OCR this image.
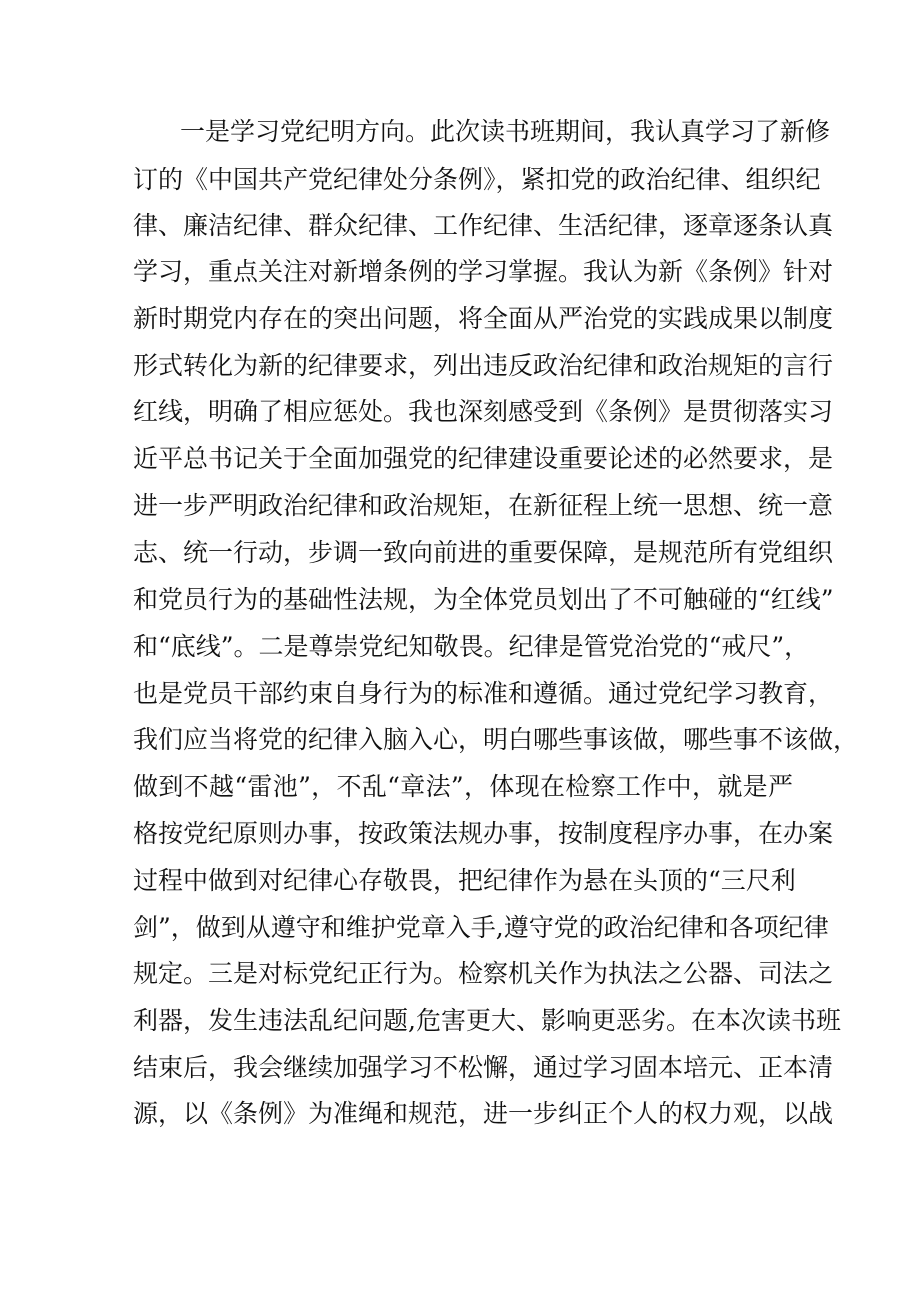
一是学习党纪明方向。此次读书班期间，我认真学习了新修
订的《中国共产党纪律处分条例》，紧扣党的政治纪律、组织纪
律、廉洁纪律、群众纪律、工作纪律、生活纪律，逐章逐条认真
学习，重点关注对新增条例的学习掌握。我认为新《条例》针对
新时期党内存在的突出问题，将全面从严治党的实践成果以制度
形式转化为新的纪律要求，列出违反政治纪律和政治规矩的言行
红线，明确了相应惩处。我也深刻感受到《条例》是贯彻落实习
近平总书记关于全面加强党的纪律建设重要论述的必然要求，是
进一步严明政治纪律和政治规矩，在新征程上统一思想、统一意
志、统一行动，步调一致向前进的重要保障，是规范所有党组织
和党员行为的基础性法规，为全体党员划出了不可触碰的“红线”
和“底线”。二是尊崇党纪知敬畏。纪律是管党治党的“戒尺”，
也是党员干部约束自身行为的标准和遵循。通过党纪学习教育，
我们应当将党的纪律入脑入心，明白哪些事该做，哪些事不该做，
做到不越“雷池”，不乱“章法”，体现在检察工作中，就是严
格按党纪原则办事，按政策法规办事，按制度程序办事，在办案
过程中做到对纪律心存敬畏，把纪律作为悬在头顶的“三尺利
剑”，做到从遵守和维护党章入手,遵守党的政治纪律和各项纪律
规定。三是对标党纪正行为。检察机关作为执法之公器、司法之
利器，发生违法乱纪问题,危害更大、影响更恶劣。在本次读书班
结束后，我会继续加强学习不松懈，通过学习固本培元、正本清
源，以《条例》为准绳和规范，进一步纠正个人的权力观，以战
